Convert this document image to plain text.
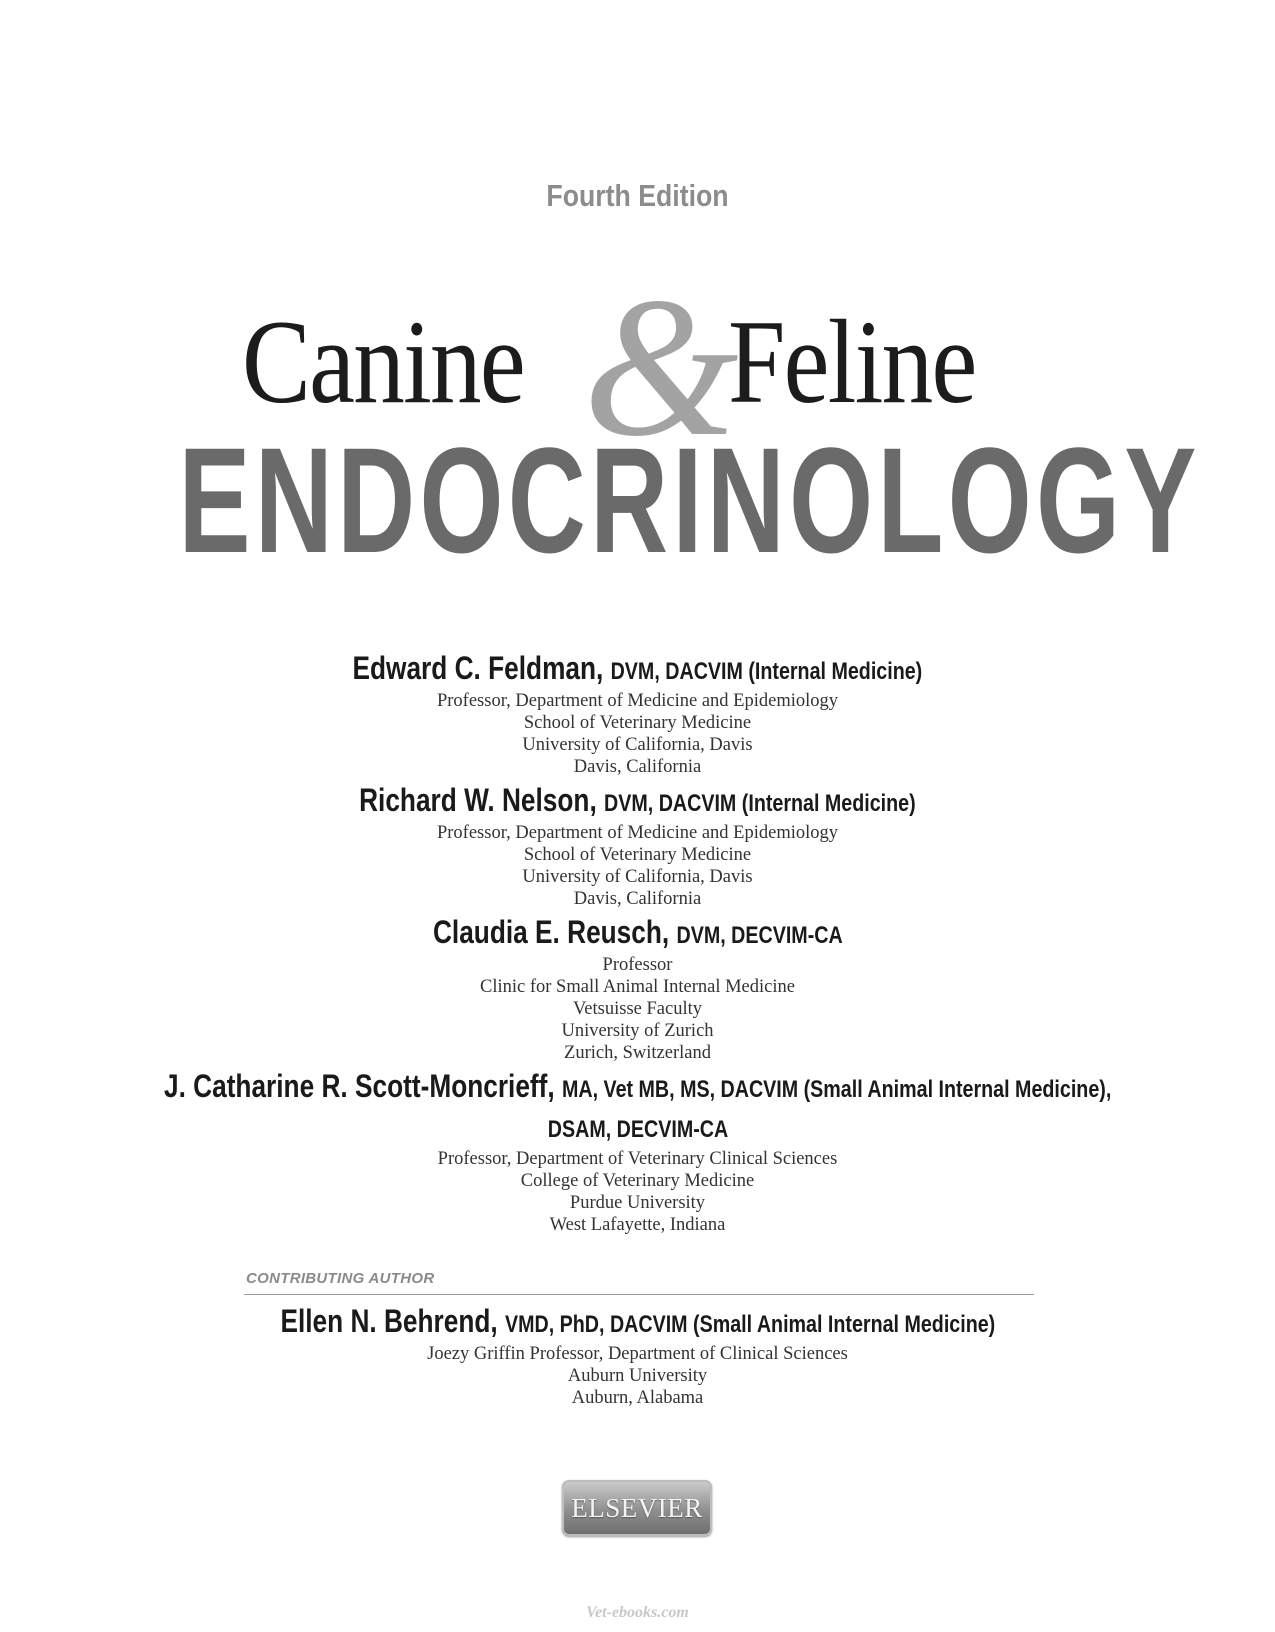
Fourth Edition
Canine Feline
&
ENDOCRINOLOGY
Edward C. Feldman, DVM, DACVIM (Internal Medicine)
Professor, Department of Medicine and Epidemiology
School of Veterinary Medicine
University of California, Davis
Davis, California
Richard W. Nelson, DVM, DACVIM (Internal Medicine)
Professor, Department of Medicine and Epidemiology
School of Veterinary Medicine
University of California, Davis
Davis, California
Claudia E. Reusch, DVM, DECVIM-CA
Professor
Clinic for Small Animal Internal Medicine
Vetsuisse Faculty
University of Zurich
Zurich, Switzerland
J. Catharine R. Scott-Moncrieff, MA, Vet MB, MS, DACVIM (Small Animal Internal Medicine),
DSAM, DECVIM-CA
Professor, Department of Veterinary Clinical Sciences
College of Veterinary Medicine
Purdue University
West Lafayette, Indiana
CONTRIBUTING AUTHOR
Ellen N. Behrend, VMD, PhD, DACVIM (Small Animal Internal Medicine)
Joezy Griffin Professor, Department of Clinical Sciences
Auburn University
Auburn, Alabama
ELSEVIER
Vet-ebooks.com
